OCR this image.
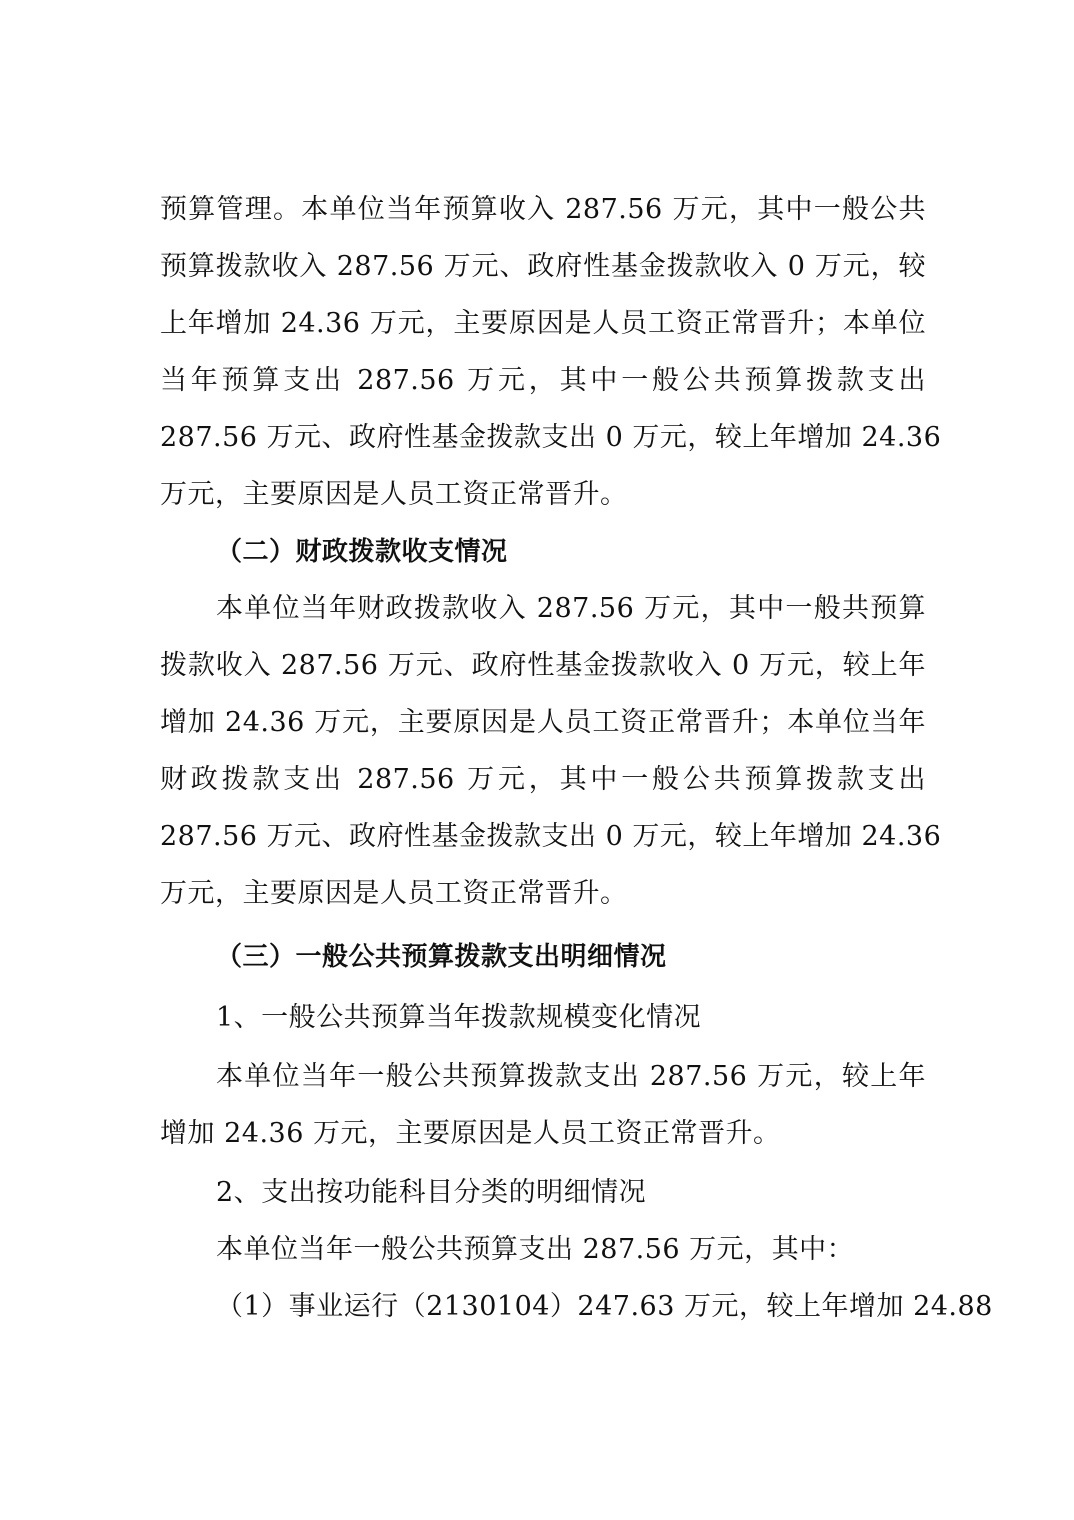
预算管理。本单位当年预算收入 287.56 万元，其中一般公共
预算拨款收入 287.56 万元、政府性基金拨款收入 0 万元，较
上年增加 24.36 万元，主要原因是人员工资正常晋升；本单位
当年预算支出 287.56 万元，其中一般公共预算拨款支出
287.56 万元、政府性基金拨款支出 0 万元，较上年增加 24.36
万元，主要原因是人员工资正常晋升。
（二）财政拨款收支情况
本单位当年财政拨款收入 287.56 万元，其中一般共预算
拨款收入 287.56 万元、政府性基金拨款收入 0 万元，较上年
增加 24.36 万元，主要原因是人员工资正常晋升；本单位当年
财政拨款支出 287.56 万元，其中一般公共预算拨款支出
287.56 万元、政府性基金拨款支出 0 万元，较上年增加 24.36
万元，主要原因是人员工资正常晋升。
（三）一般公共预算拨款支出明细情况
1、一般公共预算当年拨款规模变化情况
本单位当年一般公共预算拨款支出 287.56 万元，较上年
增加 24.36 万元，主要原因是人员工资正常晋升。
2、支出按功能科目分类的明细情况
本单位当年一般公共预算支出 287.56 万元，其中：
（1）事业运行（2130104）247.63 万元，较上年增加 24.88
